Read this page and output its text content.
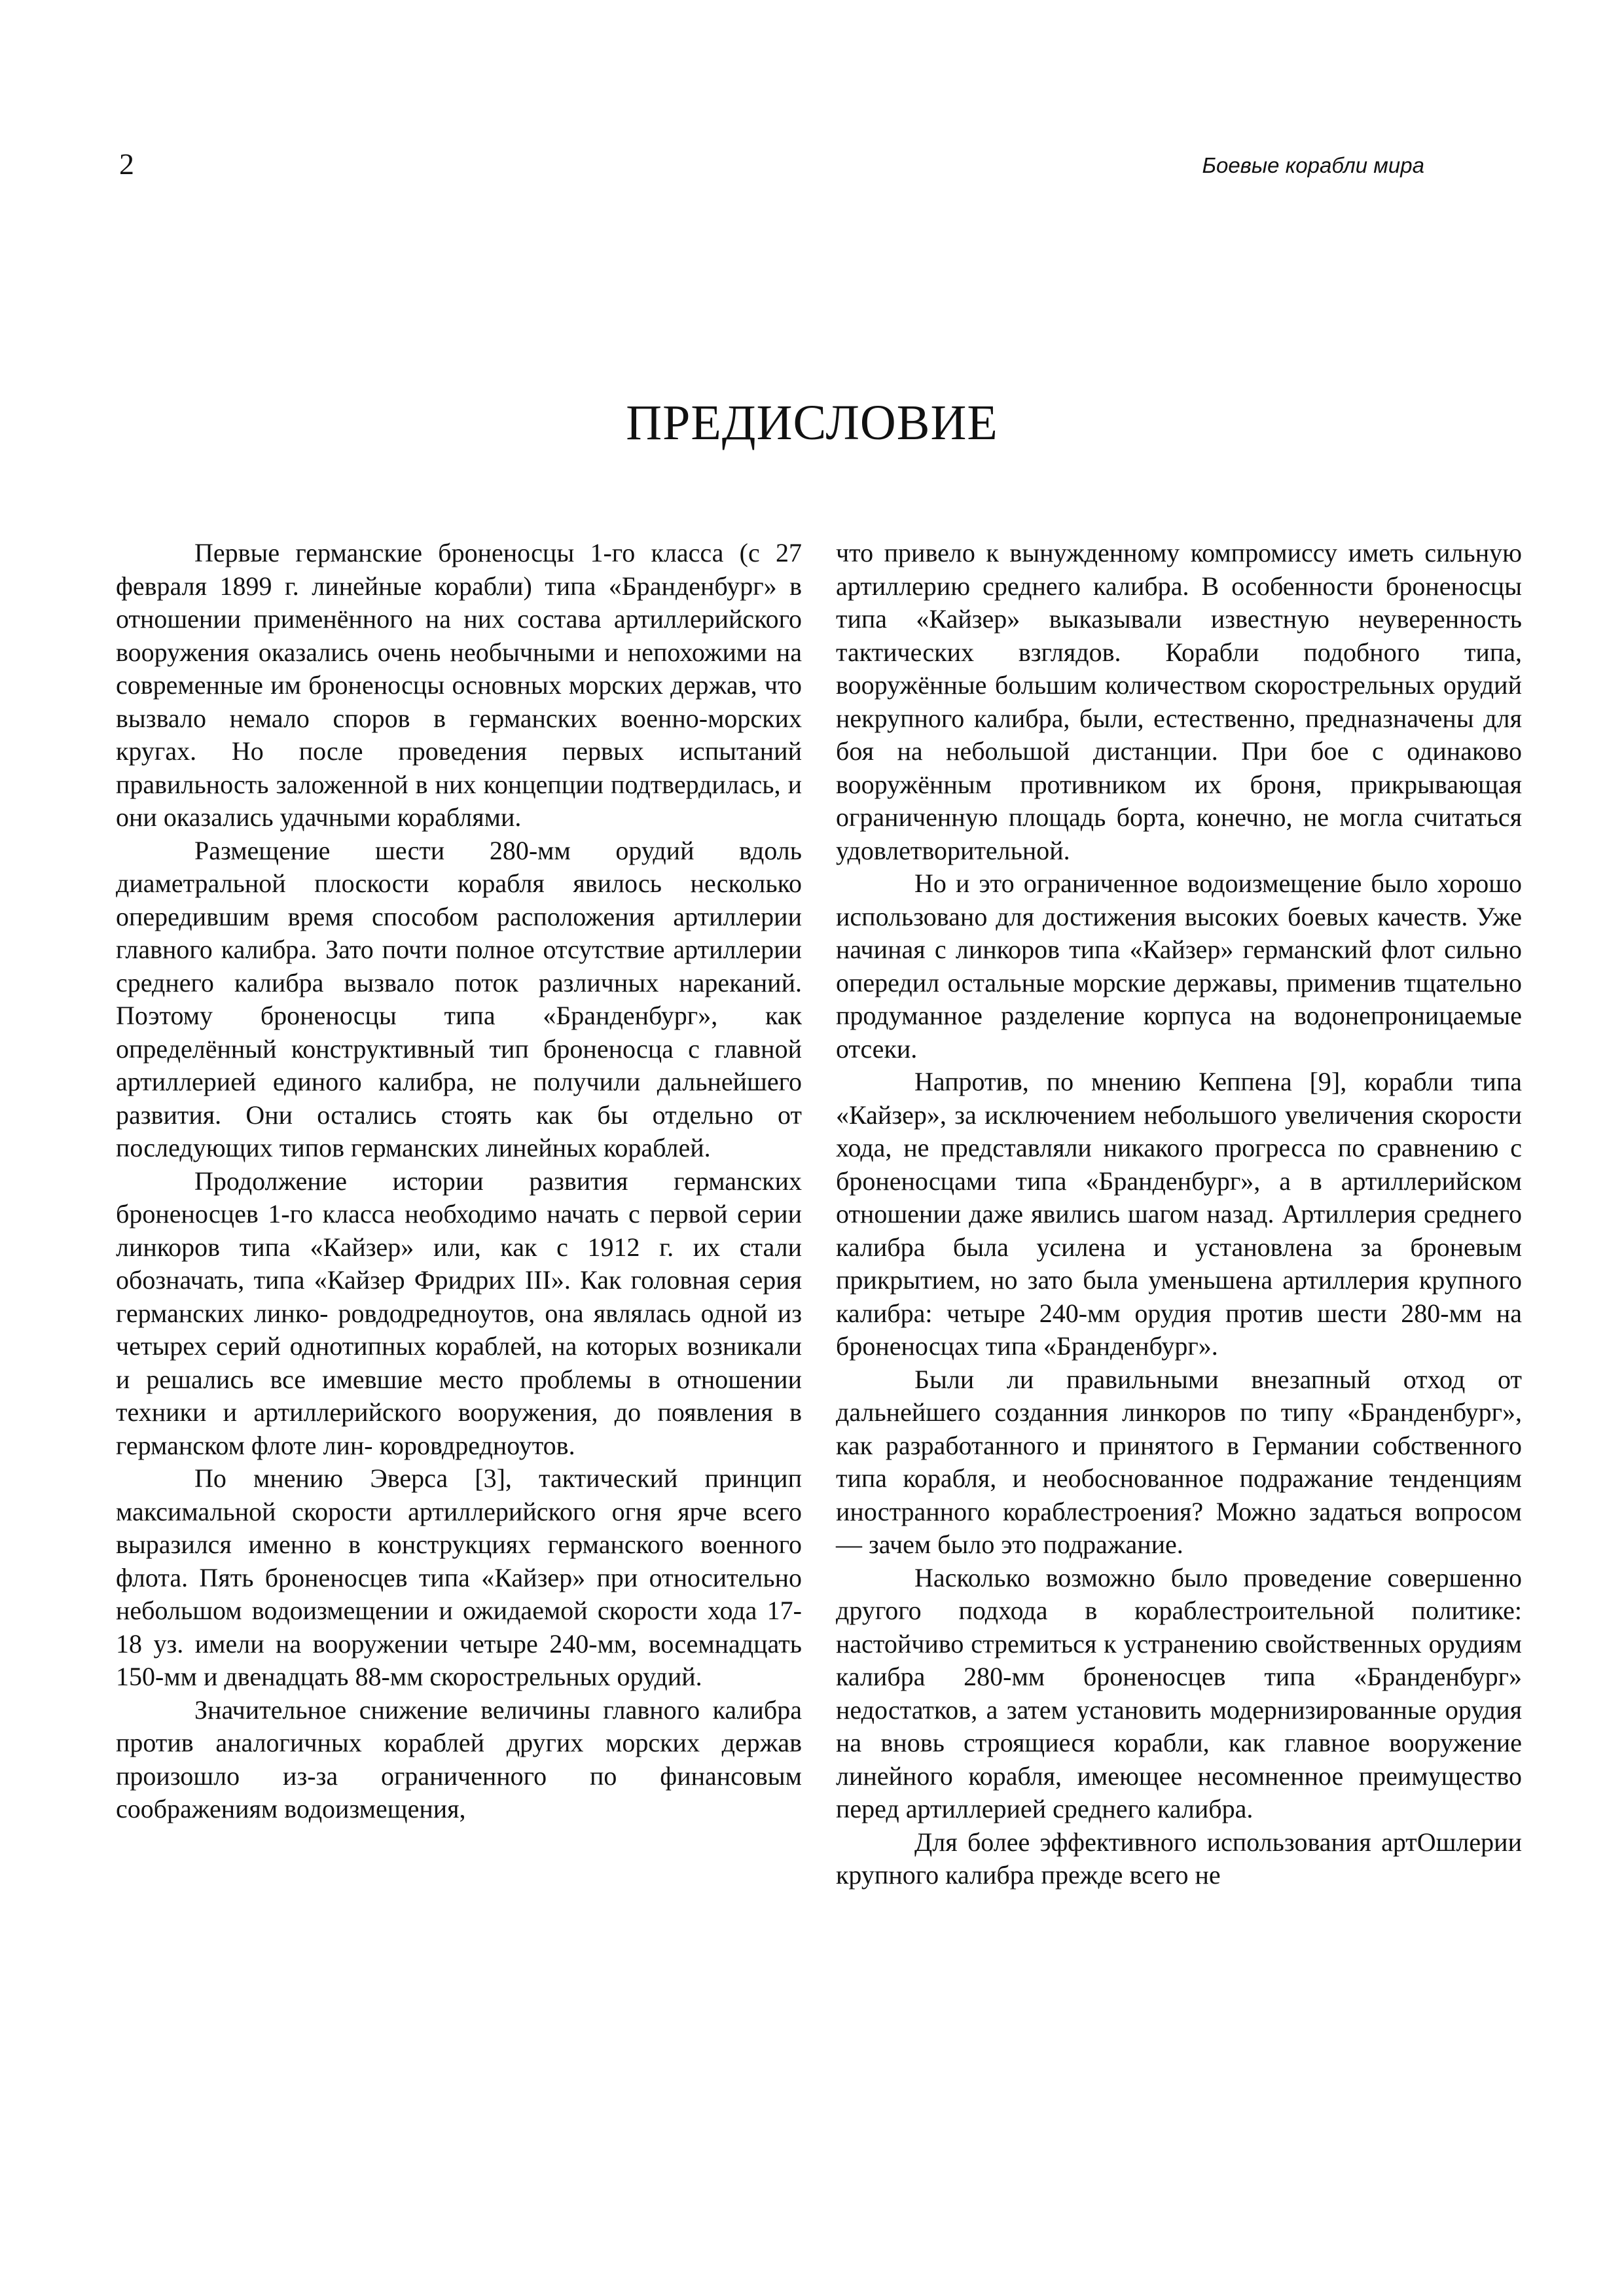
2	Боевые корабли мира
ПРЕДИСЛОВИЕ

Первые германские броненосцы 1-го класса (с 27 февраля 1899 г. линейные корабли) типа «Бранденбург» в отношении применённого на них состава артиллерийского вооружения оказались очень необычными и непохожими на современные им броненосцы основных морских держав, что вызвало немало споров в германских военно-морских кругах. Но после проведения первых испытаний правильность заложенной в них концепции подтвердилась, и они оказались удачными кораблями.

Размещение шести 280-мм орудий вдоль диаметральной плоскости корабля явилось несколько опередившим время способом расположения артиллерии главного калибра. Зато почти полное отсутствие артиллерии среднего калибра вызвало поток различных нареканий. Поэтому броненосцы типа «Бранденбург», как определённый конструктивный тип броненосца с главной артиллерией единого калибра, не получили дальнейшего развития. Они остались стоять как бы отдельно от последующих типов германских линейных кораблей.

Продолжение истории развития германских броненосцев 1-го класса необходимо начать с первой серии линкоров типа «Кайзер» или, как с 1912 г. их стали обозначать, типа «Кайзер Фридрих III». Как головная серия германских линко- ровдодредноутов, она являлась одной из четырех серий однотипных кораблей, на которых возникали и решались все имевшие место проблемы в отношении техники и артиллерийского вооружения, до появления в германском флоте лин- коровдредноутов.

По мнению Эверса [3], тактический принцип максимальной скорости артиллерийского огня ярче всего выразился именно в конструкциях германского военного флота. Пять броненосцев типа «Кайзер» при относительно небольшом водоизмещении и ожидаемой скорости хода 17-18 уз. имели на вооружении четыре 240-мм, восемнадцать 150-мм и двенадцать 88-мм скорострельных орудий.

Значительное снижение величины главного калибра против аналогичных кораблей других морских держав произошло из-за ограниченного по финансовым соображениям водоизмещения,

что привело к вынужденному компромиссу иметь сильную артиллерию среднего калибра. В особенности броненосцы типа «Кайзер» выказывали известную неуверенность тактических взглядов. Корабли подобного типа, вооружённые большим количеством скорострельных орудий некрупного калибра, были, естественно, предназначены для боя на небольшой дистанции. При бое с одинаково вооружённым противником их броня, прикрывающая ограниченную площадь борта, конечно, не могла считаться удовлетворительной.

Но и это ограниченное водоизмещение было хорошо использовано для достижения высоких боевых качеств. Уже начиная с линкоров типа «Кайзер» германский флот сильно опередил остальные морские державы, применив тщательно продуманное разделение корпуса на водонепроницаемые отсеки.

Напротив, по мнению Кеппена [9], корабли типа «Кайзер», за исключением небольшого увеличения скорости хода, не представляли никакого прогресса по сравнению с броненосцами типа «Бранденбург», а в артиллерийском отношении даже явились шагом назад. Артиллерия среднего калибра была усилена и установлена за броневым прикрытием, но зато была уменьшена артиллерия крупного калибра: четыре 240-мм орудия против шести 280-мм на броненосцах типа «Бранденбург».

Были ли правильными внезапный отход от дальнейшего созданния линкоров по типу «Бранденбург», как разработанного и принятого в Германии собственного типа корабля, и необоснованное подражание тенденциям иностранного кораблестроения? Можно задаться вопросом — зачем было это подражание.

Насколько возможно было проведение совершенно другого подхода в кораблестроительной политике: настойчиво стремиться к устранению свойственных орудиям калибра 280-мм броненосцев типа «Бранденбург» недостатков, а затем установить модернизированные орудия на вновь строящиеся корабли, как главное вооружение линейного корабля, имеющее несомненное преимущество перед артиллерией среднего калибра.

Для более эффективного использования артОшлерии крупного калибра прежде всего не
